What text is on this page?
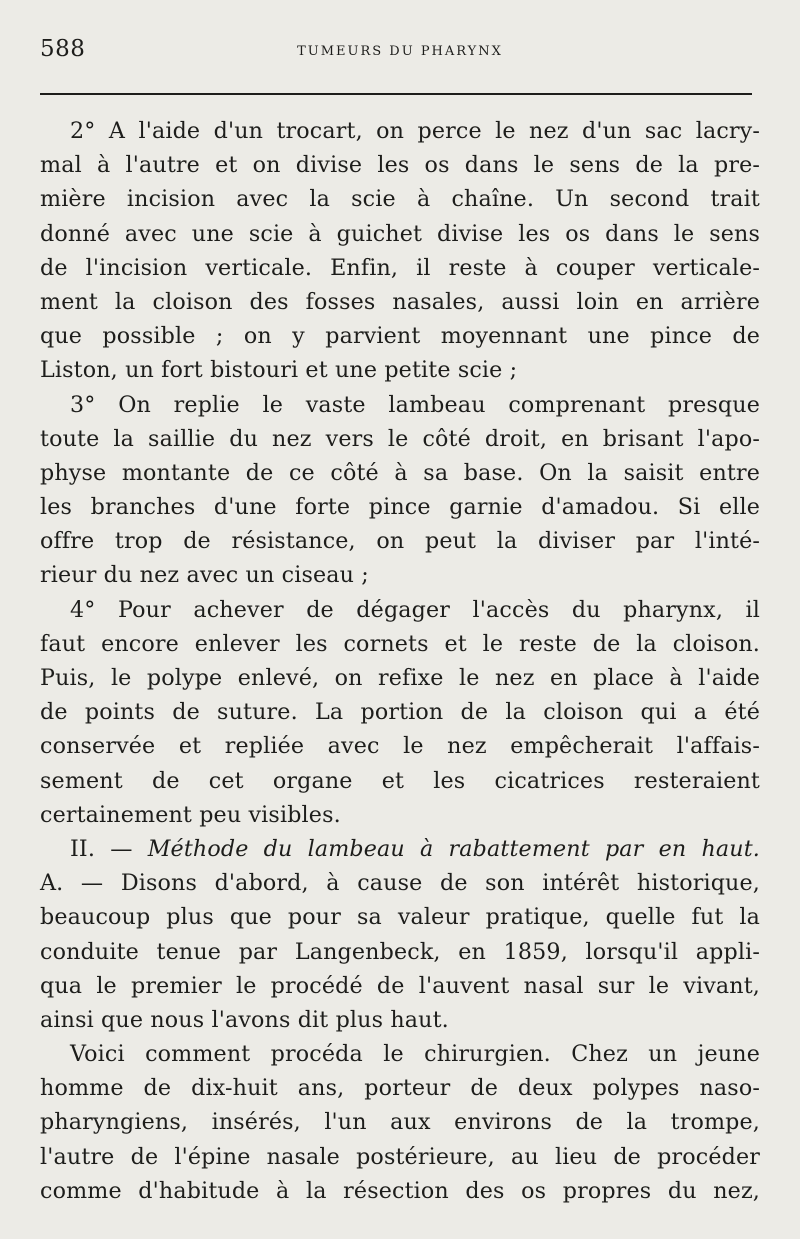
588	TUMEURS DU PHARYNX
2° A l'aide d'un trocart, on perce le nez d'un sac lacry-
mal à l'autre et on divise les os dans le sens de la pre-
mière incision avec la scie à chaîne. Un second trait
donné avec une scie à guichet divise les os dans le sens
de l'incision verticale. Enfin, il reste à couper verticale-
ment la cloison des fosses nasales, aussi loin en arrière
que possible ; on y parvient moyennant une pince de
Liston, un fort bistouri et une petite scie ;
3° On replie le vaste lambeau comprenant presque
toute la saillie du nez vers le côté droit, en brisant l'apo-
physe montante de ce côté à sa base. On la saisit entre
les branches d'une forte pince garnie d'amadou. Si elle
offre trop de résistance, on peut la diviser par l'inté-
rieur du nez avec un ciseau ;
4° Pour achever de dégager l'accès du pharynx, il
faut encore enlever les cornets et le reste de la cloison.
Puis, le polype enlevé, on refixe le nez en place à l'aide
de points de suture. La portion de la cloison qui a été
conservée et repliée avec le nez empêcherait l'affais-
sement de cet organe et les cicatrices resteraient
certainement peu visibles.
II. — Méthode du lambeau à rabattement par en haut.
A. — Disons d'abord, à cause de son intérêt historique,
beaucoup plus que pour sa valeur pratique, quelle fut la
conduite tenue par Langenbeck, en 1859, lorsqu'il appli-
qua le premier le procédé de l'auvent nasal sur le vivant,
ainsi que nous l'avons dit plus haut.
Voici comment procéda le chirurgien. Chez un jeune
homme de dix-huit ans, porteur de deux polypes naso-
pharyngiens, insérés, l'un aux environs de la trompe,
l'autre de l'épine nasale postérieure, au lieu de procéder
comme d'habitude à la résection des os propres du nez,
